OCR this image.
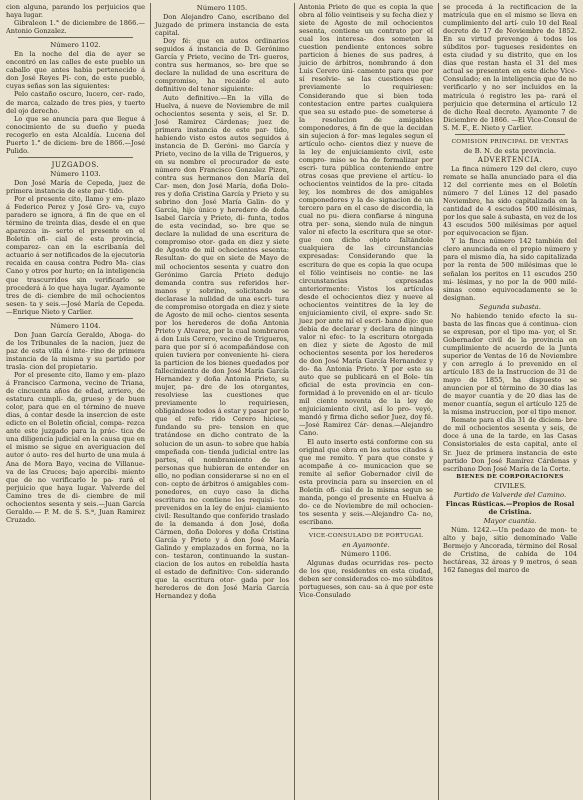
cion alguna, parando los perjuicios que haya lugar.

Gibraleon 1.° de diciembre de 1866.—Antonio Gonzalez.

Número 1102.

En la noche del dia de ayer se encontró en las calles de este pueblo un caballo que antes habia pertenecido á don José Reyes Pi- con, de este pueblo, cuyas señas son las siguientes:

Pelo castaño oscuro, lucero, cer- rado, de marca, calzado de tres pies, y tuerto del ojo derecho.

Lo que se anuncia para que llegue á conocimiento de su dueño y pueda recogerlo en esta Alcaldía. Lucena del Puerto 1.° de diciem- bre de 1866.—José Pulido.

JUZGADOS.
Número 1103.

Don José María de Cepeda, juez de primera instancia de este par- tido.

Por el presente cito, llamo y em- plazo á Federico Perez y José Gro- va, cuyo paradero se ignora, á fin de que en el término de treinta dias, desde el en que aparezca in- serto el presente en el Boletín ofi- cial de esta provincia, comparez- can en la escribanía del actuario á ser notificados de la ejecutoria recaida en causa contra Pedro Ma- cias Cano y otros por hurto; en la inteligencia que trascurridos sin verificarlo se procederá á lo que haya lugar. Ayamonte tres de di- ciembre de mil ochocientos sesen- ta y seis.—José María de Cepeda. —Enrique Nieto y Carlier.

Número 1104.

Don Juan García Geraldo, Aboga- do de los Tribunales de la nacion, juez de paz de esta villa é inte- rino de primera instancia de la misma y su partido por trasla- cion del propietario.

Por el presente cito, llamo y em- plazo á Francisco Carmona, vecino de Triana, de cincuenta años de edad, arriero, de estatura cumpli- da, grueso y de buen color, para que en el término de nueve dias, á contar desde la insercion de este edicto en el Boletín oficial, compa- rezca ante este juzgado para la prác- tica de una diligencia judicial en la causa que en el mismo se sigue en averiguacion del autor ó auto- res del hurto de una mula á Ana de Mora Bayo, vecina de Villanue- va de las Cruces; bajo apercibi- miento que de no verificarlo le pa- rará el perjuicio que haya lugar. Valverde del Camino tres de di- ciembre de mil ochocientos sesenta y seis.—Juan García Geraldo.— P. M. de S. S.ª, Juan Ramirez Cruzado.

Número 1105.

Don Alejandro Cano, escribano del Juzgado de primera instancia de esta capital.

Doy fé: que en autos ordinarios seguidos á instancia de D. Gerónimo García y Prieto, vecino de Tri- gueros, contra sus hermanos, so- bre que se declare la nulidad de una escritura de compromiso, ha recaido el auto definitivo del tenor siguiente:

Auto definitivo.—En la villa de Huelva, á nueve de Noviembre de mil ochocientos sesenta y seis, el Sr. D. José Ramirez Cárdenas; juez de primera instancia de este par- tido, habiendo visto estos autos seguidos á instancia de D. Geróni- mo García y Prieto, vecino de la villa de Trigueros, y en su nombre el procurador de este número don Francisco Gonzalez Pizon, contra sus hermanos don María del Car- men, don José María, doña Dolo- res y doña Cristina García y Prieto y su sobrino don José María Galin- do y García, hijo único y heredero de doña Isabel García y Prieto, di- funta, todos de esta vecindad, so- bre que se declare la nulidad de una escritura de compromiso otor- gada en diez y siete de Agosto de mil ochocientos sesenta: Resultan- do que en siete de Mayo de mil ochocientos sesenta y cuatro don Gerónimo García Prieto dedujo demanda contra sus referidos her- manos y sobrino, solicitando se declarase la nulidad de una escri- tura de compromiso otorgada en diez y siete de Agosto de mil ocho- cientos sesenta por los herederos de doña Antonia Prieto y Alvarez, por la cual nombraron á don Luis Cerero, vecino de Trigueros, para que por sí ó acompañándose con quien tuviera por conveniente hi- ciera la particion de los bienes quedados por fallecimiento de don José María García Hernandez y doña Antonia Prieto, su mujer, pa- dre de los otorgantes, resolviese las cuestiones que previamente lo requiriesen, obligándose todos á estar y pasar por lo que el refe- rido Cerero hiciese, fundando su pre- tension en que tratándose en dicho contrato de la solucion de un asun- to sobre que había empeñada con- tienda judicial entre las partes, el nombramiento de las personas que hubieran de entender en ello, no podian considerarse si no en el con- cepto de árbitros ó amigables com- ponedores, en cuyo caso la dicha escritura no contiene los requisi- tos prevenidos en la ley de enjui- ciamiento civil: Resultando que conferido traslado de la demanda á don José, doña Cármen, doña Dolores y doña Cristina García y Prieto y á don José María Galindo y emplazados en forma, no la con- testaron, continuando la sustan- ciacion de los autos en rebeldía hasta el estado de definitivo: Con- siderando que la escritura otor- gada por los herederos de don José María García Hernandez y doña

Antonia Prieto de que es copia la que obra al fólio veintiseis y su fecha diez y siete de Agosto de mil ochocientos sesenta, contiene un contrato por el cual los interesa- dos someten la cuestion pendiente entonces sobre particion á bienes de sus padres, á juicio de árbitros, nombrando á don Luis Cerero úni- camente para que por sí resolvie- se las cuestiones que previamente lo requiriesen: Considerando que si bien toda contestacion entre partes cualquiera que sea su estado pue- de someterse á la resolucion de amigables componedores, á fin de que la decidan sin sujecion á for- mas legales segun el artículo ocho- cientos diez y nueve de la ley de enjuiciamiento civil, este compro- miso se ha de formalizar por escri- tura pública conteniendo entre otras cosas que previene el artícu- lo ochocientos veintidos de la pre- citada ley, los nombres de dos amigables componedores y la de- signacion de un tercero para en el caso de discordia, la cual no pu- diera confiarse á ninguna otra per- sona, siendo nula de ningun valor ni efecto la escritura que se otor- gue con dicho objeto faltándole cualquiera de las circunstancias expresadas: Considerando que la escritura de que es copia la que ocupa el fólio veintiseis no contie- ne las circunstancias expresadas anteriormente: Vistos los artículos desde el ochocientos diez y nueve al ochocientos veintitres de la ley de enjuiciamiento civil, el expre- sado Sr. juez por ante mí el escri- bano dijo: que debia de declarar y declara de ningun valor ni efec- to la escritura otorgada en diez y siete de Agosto de mil ochocientos sesenta por los herederos de don José María García Hernandez y do- ña Antonia Prieto. Y por este su auto que se publicará en el Bole- tín oficial de esta provincia en con- formidad á lo prevenido en el ar- tículo mil ciento noventa de la ley de enjuiciamiento civil, así lo pro- veyó, mandó y firma dicho señor Juez, doy fé.—José Ramirez Cár- denas.—Alejandro Cano.

El auto inserto está conforme con su original que obra en los autos citados á que me remito. Y para que conste y acompañe á co- municacion que se remite al señor Gobernador civil de esta provincia para su insercion en el Boletín ofi- cial de la misma segun se manda, pongo el presente en Huelva á do- ce de Noviembre de mil ochocien- tos sesenta y seis.—Alejandro Ca- no, escribano.

VICE-CONSULADO DE PORTUGAL
en Ayamonte.
Número 1106.

Algunas dudas ocurridas res- pecto de los que, residentes en esta ciudad, deben ser considerados co- mo súbditos portugueses, son cau- sa á que por este Vice-Consulado

se proceda á la rectificacion de la matrícula que en el mismo se lleva en cumplimiento del artí- culo 10 del Real decreto de 17 de Noviembre de 1852. En su virtud prevengo á todos los súbditos por- tugueses residentes en esta ciudad y su distrito, que en los dias que restan hasta el 31 del mes actual se presenten en este dicho Vice- Consulado; en la inteligencia que de no verificarlo y no ser incluidos en la matrícula ó registro les pa- rará el perjuicio que determina el artículo 12 de dicho Real decreto. Ayamonte 7 de Diciembre de 1866. —El Vice-Consul de S. M. F., E. Nieto y Carlier.

COMISION PRINCIPAL DE VENTAS
de B. N. de esta provincia.
ADVERTENCIA.

La finca número 129 del clero, cuyo remate se halla anunciado para el dia 12 del corriente mes en el Boletín número 7 del Lúnes 12 del pasado Noviembre, ha sido capitalizada en la cantidad de 4 escudos 500 milésimas, por los que sale á subasta, en vez de los 43 escudos 500 milésimas por aquel por equivocacion se fijan.

Y la finca número 142 también del clero anunciada en el propio número y para el mismo día, ha sido capitalizada por la renta de 500 milésimas que le señalan los peritos en 11 escudos 250 mi- lésimas, y no por la de 900 milé- simas como equivocadamente se le designan.

Segunda subasta.

No habiendo tenido efecto la su- basta de las fincas que á continua- cion se expresan, por el tipo ma- yor, el Sr. Gobernador civil de la provincia en cumplimiento de acuerdo de la Junta superior de Ventas de 16 de Noviembre y con arreglo á lo prevenido en el artículo 183 de la Instruccion de 31 de mayo de 1855, ha dispuesto se anuncien por el término de 30 dias las de mayor cuantía y de 20 dias las de menor cuantía, segun el artículo 125 de la misma instruccion, por el tipo menor.

Remate para el dia 31 de diciem- bre de mil ochocientos sesenta y seis, de doce á una de la tarde, en las Casas Consistoriales de esta capital, ante el Sr. Juez de primera instancia de este partido Don José Ramírez Cárdenas y escribano Don José María de la Corte.

BIENES DE CORPORACIONES
CIVILES.
Partido de Valverde del Camino.

Fincas Rústicas.—Propios de Rosal de Cristina.

Mayor cuantía.

Núm. 1242.—Un pedazo de mon- te alto y bajo, sitio denominado Valle Bermejo y Ancorada, término del Rosal de Cristina, de cabida de 104 hectáreas, 32 áreas y 9 metros, ó sean 162 fanegas del marco de
